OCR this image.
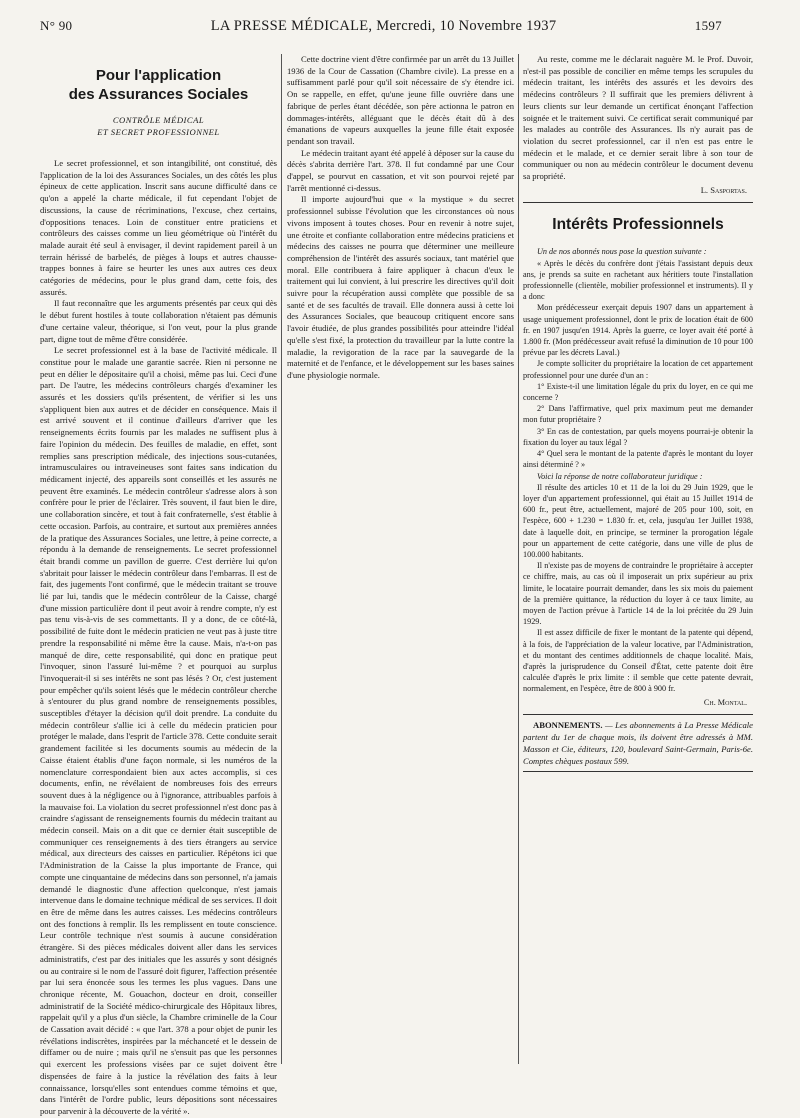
N° 90	LA PRESSE MÉDICALE, Mercredi, 10 Novembre 1937	1597
Pour l'application
des Assurances Sociales
CONTRÔLE MÉDICAL
ET SECRET PROFESSIONNEL

Le secret professionnel, et son intangibilité, ont constitué, dès l'application de la loi des Assurances Sociales, un des côtés les plus épineux de cette application. Inscrit sans aucune difficulté dans ce qu'on a appelé la charte médicale, il fut cependant l'objet de discussions, la cause de récriminations, l'excuse, chez certains, d'oppositions tenaces. Loin de constituer entre praticiens et contrôleurs des caisses comme un lieu géométrique où l'intérêt du malade aurait été seul à envisager, il devint rapidement pareil à un terrain hérissé de barbelés, de pièges à loups et autres chausse-trappes bonnes à faire se heurter les unes aux autres ces deux catégories de médecins, pour le plus grand dam, cette fois, des assurés.

Il faut reconnaître que les arguments présentés par ceux qui dès le début furent hostiles à toute collaboration n'étaient pas démunis d'une certaine valeur, théorique, si l'on veut, pour la plus grande part, digne tout de même d'être considérée.

Le secret professionnel est à la base de l'activité médicale. Il constitue pour le malade une garantie sacrée. Rien ni personne ne peut en délier le dépositaire qu'il a choisi, même pas lui. Ceci d'une part. De l'autre, les médecins contrôleurs chargés d'examiner les assurés et les dossiers qu'ils présentent, de vérifier si les uns s'appliquent bien aux autres et de décider en conséquence. Mais il est arrivé souvent et il continue d'ailleurs d'arriver que les renseignements écrits fournis par les malades ne suffisent plus à faire l'opinion du médecin. Des feuilles de maladie, en effet, sont remplies sans prescription médicale, des injections sous-cutanées, intramusculaires ou intraveineuses sont faites sans indication du médicament injecté, des appareils sont conseillés et les assurés ne peuvent être examinés. Le médecin contrôleur s'adresse alors à son confrère pour le prier de l'éclairer. Très souvent, il faut bien le dire, une collaboration sincère, et tout à fait confraternelle, s'est établie à cette occasion. Parfois, au contraire, et surtout aux premières années de la pratique des Assurances Sociales, une lettre, à peine correcte, a répondu à la demande de renseignements. Le secret professionnel était brandi comme un pavillon de guerre. C'est derrière lui qu'on s'abritait pour laisser le médecin contrôleur dans l'embarras. Il est de fait, des jugements l'ont confirmé, que le médecin traitant se trouve lié par lui, tandis que le médecin contrôleur de la Caisse, chargé d'une mission particulière dont il peut avoir à rendre compte, n'y est pas tenu vis-à-vis de ses commettants. Il y a donc, de ce côté-là, possibilité de fuite dont le médecin praticien ne veut pas à juste titre prendre la responsabilité ni même être la cause. Mais, n'a-t-on pas manqué de dire, cette responsabilité, qui donc en pratique peut l'invoquer, sinon l'assuré lui-même ? et pourquoi au surplus l'invoquerait-il si ses intérêts ne sont pas lésés ? Or, c'est justement pour empêcher qu'ils soient lésés que le médecin contrôleur cherche à s'entourer du plus grand nombre de renseignements possibles, susceptibles d'étayer la décision qu'il doit prendre. La conduite du médecin contrôleur s'allie ici à celle du médecin praticien pour protéger le malade, dans l'esprit de l'article 378. Cette conduite serait grandement facilitée si les documents soumis au médecin de la Caisse étaient établis d'une façon normale, si les numéros de la nomenclature correspondaient bien aux actes accomplis, si ces documents, enfin, ne révélaient de nombreuses fois des erreurs souvent dues à la négligence ou à l'ignorance, attribuables parfois à la mauvaise foi. La violation du secret professionnel n'est donc pas à craindre s'agissant de renseignements fournis du médecin traitant au médecin conseil. Mais on a dit que ce dernier était susceptible de communiquer ces renseignements à des tiers étrangers au service médical, aux directeurs des caisses en particulier. Répétons ici que l'Administration de la Caisse la plus importante de France, qui compte une cinquantaine de médecins dans son personnel, n'a jamais demandé le diagnostic d'une affection quelconque, n'est jamais intervenue dans le domaine technique médical de ses services. Il doit en être de même dans les autres caisses. Les médecins contrôleurs ont des fonctions à remplir. Ils les remplissent en toute conscience. Leur contrôle technique n'est soumis à aucune considération étrangère. Si des pièces médicales doivent aller dans les services administratifs, c'est par des initiales que les assurés y sont désignés ou au contraire si le nom de l'assuré doit figurer, l'affection présentée par lui sera énoncée sous les termes les plus vagues. Dans une chronique récente, M. Gouachon, docteur en droit, conseiller administratif de la Société médico-chirurgicale des Hôpitaux libres, rappelait qu'il y a plus d'un siècle, la Chambre criminelle de la Cour de Cassation avait décidé : « que l'art. 378 a pour objet de punir les révélations indiscrètes, inspirées par la méchanceté et le dessein de diffamer ou de nuire ; mais qu'il ne s'ensuit pas que les personnes qui exercent les professions visées par ce sujet doivent être dispensées de faire à la justice la révélation des faits à leur connaissance, lorsqu'elles sont entendues comme témoins et que, dans l'intérêt de l'ordre public, leurs dépositions sont nécessaires pour parvenir à la découverte de la vérité ».

Cette doctrine vient d'être confirmée par un arrêt du 13 Juillet 1936 de la Cour de Cassation (Chambre civile). La presse en a suffisamment parlé pour qu'il soit nécessaire de s'y étendre ici. On se rappelle, en effet, qu'une jeune fille ouvrière dans une fabrique de perles étant décédée, son père actionna le patron en dommages-intérêts, alléguant que le décès était dû à des émanations de vapeurs auxquelles la jeune fille était exposée pendant son travail.

Le médecin traitant ayant été appelé à déposer sur la cause du décès s'abrita derrière l'art. 378. Il fut condamné par une Cour d'appel, se pourvut en cassation, et vit son pourvoi rejeté par l'arrêt mentionné ci-dessus.

Il importe aujourd'hui que « la mystique » du secret professionnel subisse l'évolution que les circonstances où nous vivons imposent à toutes choses. Pour en revenir à notre sujet, une étroite et confiante collaboration entre médecins praticiens et médecins des caisses ne pourra que déterminer une meilleure compréhension de l'intérêt des assurés sociaux, tant matériel que moral. Elle contribuera à faire appliquer à chacun d'eux le traitement qui lui convient, à lui prescrire les directives qu'il doit suivre pour la récupération aussi complète que possible de sa santé et de ses facultés de travail. Elle donnera aussi à cette loi des Assurances Sociales, que beaucoup critiquent encore sans l'avoir étudiée, de plus grandes possibilités pour atteindre l'idéal qu'elle s'est fixé, la protection du travailleur par la lutte contre la maladie, la revigoration de la race par la sauvegarde de la maternité et de l'enfance, et le développement sur les bases saines d'une physiologie normale.

Au reste, comme me le déclarait naguère M. le Prof. Duvoir, n'est-il pas possible de concilier en même temps les scrupules du médecin traitant, les intérêts des assurés et les devoirs des médecins contrôleurs ? Il suffirait que les premiers délivrent à leurs clients sur leur demande un certificat énonçant l'affection soignée et le traitement suivi. Ce certificat serait communiqué par les malades au contrôle des Assurances. Ils n'y aurait pas de violation du secret professionnel, car il n'en est pas entre le médecin et le malade, et ce dernier serait libre à son tour de communiquer ou non au médecin contrôleur le document devenu sa propriété.

L. Sasportas.

Intérêts Professionnels

Un de nos abonnés nous pose la question suivante :

« Après le décès du confrère dont j'étais l'assistant depuis deux ans, je prends sa suite en rachetant aux héritiers toute l'installation professionnelle (clientèle, mobilier professionnel et instruments). Il y a donc

Mon prédécesseur exerçait depuis 1907 dans un appartement à usage uniquement professionnel, dont le prix de location était de 600 fr. en 1907 jusqu'en 1914. Après la guerre, ce loyer avait été porté à 1.800 fr. (Mon prédécesseur avait refusé la diminution de 10 pour 100 prévue par les décrets Laval.)

Je compte solliciter du propriétaire la location de cet appartement professionnel pour une durée d'un an :

1° Existe-t-il une limitation légale du prix du loyer, en ce qui me concerne ?

2° Dans l'affirmative, quel prix maximum peut me demander mon futur propriétaire ?

3° En cas de contestation, par quels moyens pourrai-je obtenir la fixation du loyer au taux légal ?

4° Quel sera le montant de la patente d'après le montant du loyer ainsi déterminé ? »

Voici la réponse de notre collaborateur juridique :

Il résulte des articles 10 et 11 de la loi du 29 Juin 1929, que le loyer d'un appartement professionnel, qui était au 15 Juillet 1914 de 600 fr., peut être, actuellement, majoré de 205 pour 100, soit, en l'espèce, 600 + 1.230 = 1.830 fr. et, cela, jusqu'au 1er Juillet 1938, date à laquelle doit, en principe, se terminer la prorogation légale pour un appartement de cette catégorie, dans une ville de plus de 100.000 habitants.

Il n'existe pas de moyens de contraindre le propriétaire à accepter ce chiffre, mais, au cas où il imposerait un prix supérieur au prix limite, le locataire pourrait demander, dans les six mois du paiement de la première quittance, la réduction du loyer à ce taux limite, au moyen de l'action prévue à l'article 14 de la loi précitée du 29 Juin 1929.

Il est assez difficile de fixer le montant de la patente qui dépend, à la fois, de l'appréciation de la valeur locative, par l'Administration, et du montant des centimes additionnels de chaque localité. Mais, d'après la jurisprudence du Conseil d'État, cette patente doit être calculée d'après le prix limite : il semble que cette patente devrait, normalement, en l'espèce, être de 800 à 900 fr.

Ch. Montal.

ABONNEMENTS. — Les abonnements à La Presse Médicale partent du 1er de chaque mois, ils doivent être adressés à MM. Masson et Cie, éditeurs, 120, boulevard Saint-Germain, Paris-6e. Comptes chèques postaux 599.
